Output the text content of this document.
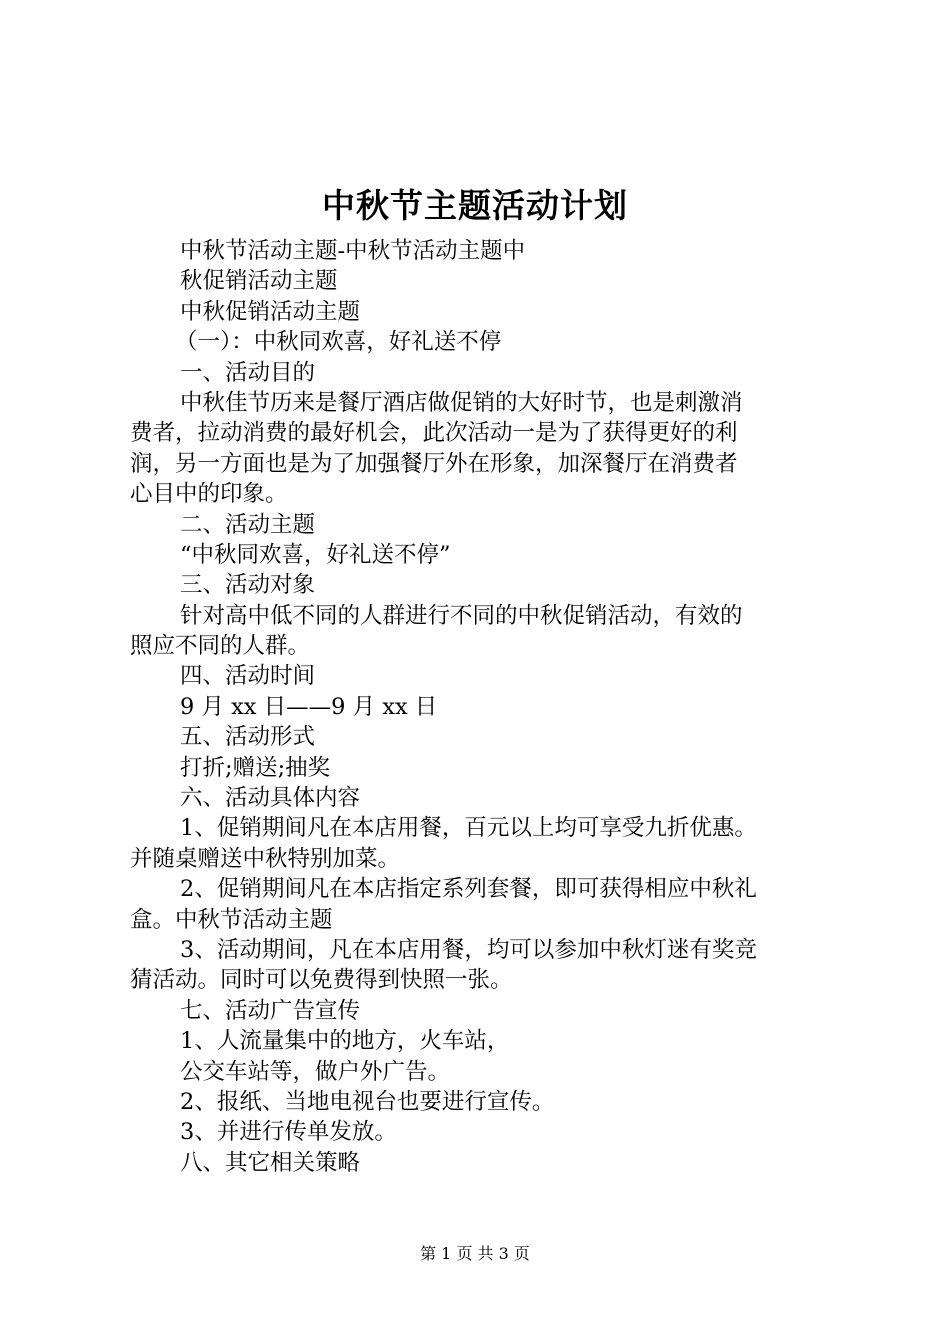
中秋节主题活动计划
中秋节活动主题-中秋节活动主题中
秋促销活动主题
中秋促销活动主题
（一）：中秋同欢喜，好礼送不停
一、活动目的
中秋佳节历来是餐厅酒店做促销的大好时节，也是刺激消
费者，拉动消费的最好机会，此次活动一是为了获得更好的利
润，另一方面也是为了加强餐厅外在形象，加深餐厅在消费者
心目中的印象。
二、活动主题
“中秋同欢喜，好礼送不停”
三、活动对象
针对高中低不同的人群进行不同的中秋促销活动，有效的
照应不同的人群。
四、活动时间
9 月 xx 日——9 月 xx 日
五、活动形式
打折;赠送;抽奖
六、活动具体内容
1、促销期间凡在本店用餐，百元以上均可享受九折优惠。
并随桌赠送中秋特别加菜。
2、促销期间凡在本店指定系列套餐，即可获得相应中秋礼
盒。中秋节活动主题
3、活动期间，凡在本店用餐，均可以参加中秋灯迷有奖竞
猜活动。同时可以免费得到快照一张。
七、活动广告宣传
1、人流量集中的地方，火车站，
公交车站等，做户外广告。
2、报纸、当地电视台也要进行宣传。
3、并进行传单发放。
八、其它相关策略
第 1 页 共 3 页
